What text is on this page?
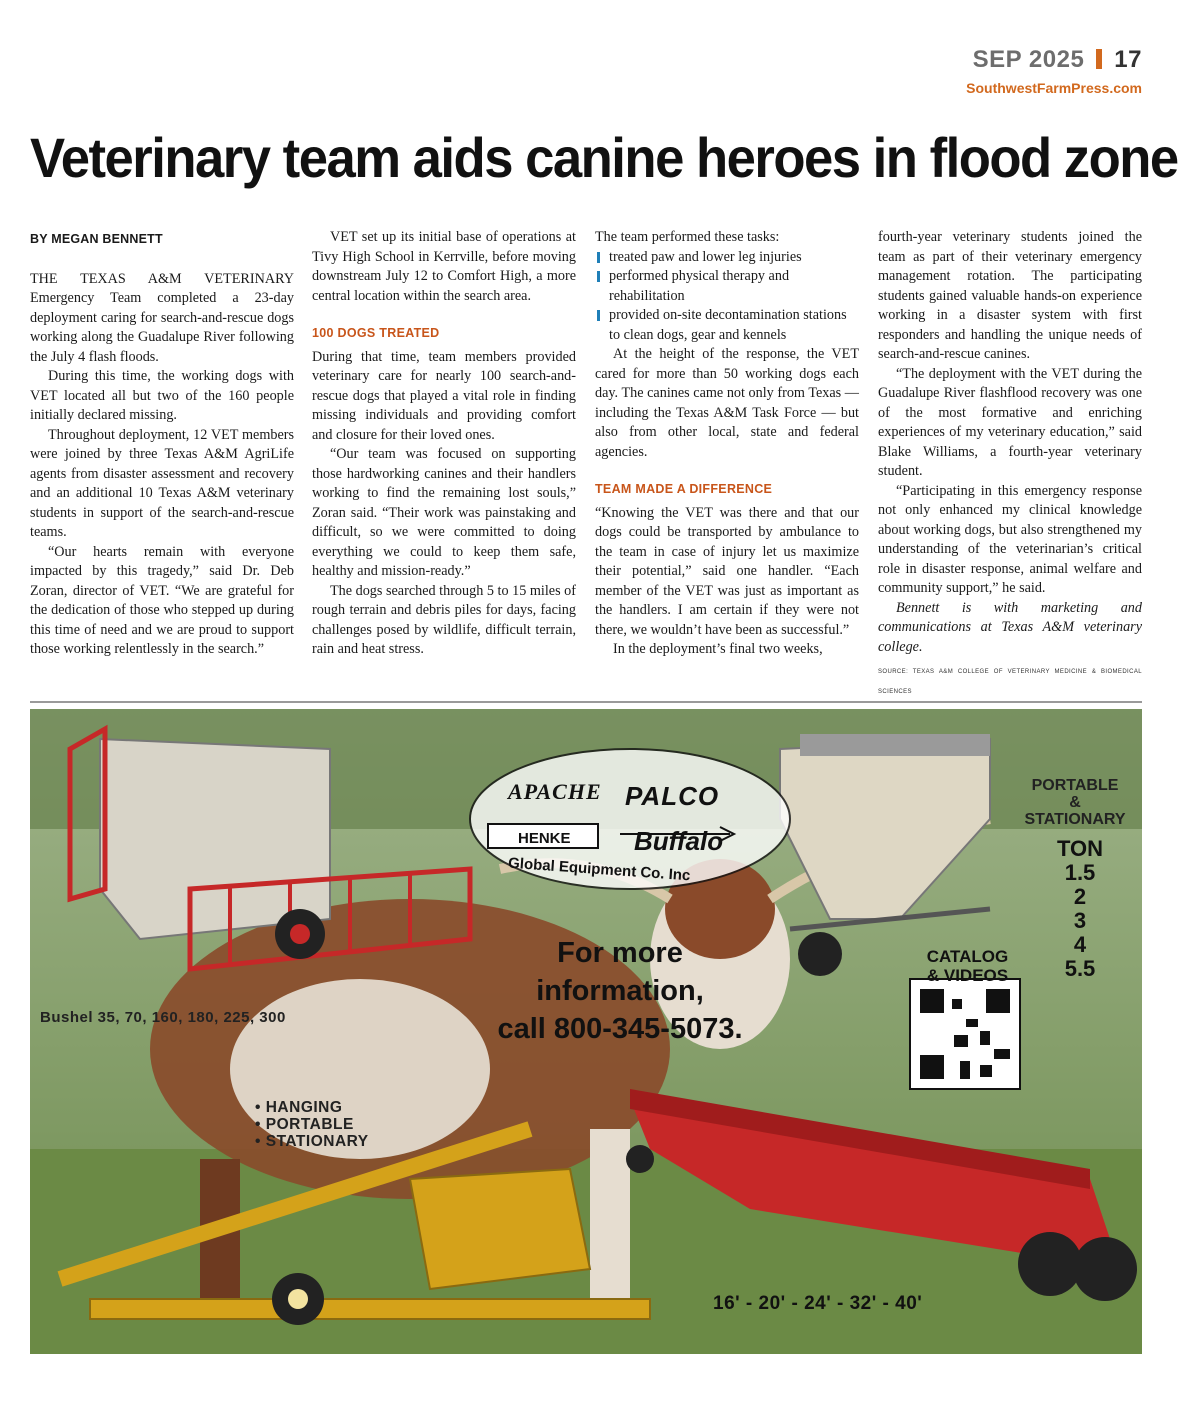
SEP 2025 17
SouthwestFarmPress.com
Veterinary team aids canine heroes in flood zone
BY MEGAN BENNETT

THE TEXAS A&M VETERINARY Emergency Team completed a 23-day deployment caring for search-and-rescue dogs working along the Guadalupe River following the July 4 flash floods.

During this time, the working dogs with VET located all but two of the 160 people initially declared missing.

Throughout deployment, 12 VET members were joined by three Texas A&M AgriLife agents from disaster assessment and recovery and an additional 10 Texas A&M veterinary students in support of the search-and-rescue teams.

“Our hearts remain with everyone impacted by this tragedy,” said Dr. Deb Zoran, director of VET. “We are grateful for the dedication of those who stepped up during this time of need and we are proud to support those working relentlessly in the search.”

VET set up its initial base of operations at Tivy High School in Kerrville, before moving downstream July 12 to Comfort High, a more central location within the search area.

100 DOGS TREATED

During that time, team members provided veterinary care for nearly 100 search-and-rescue dogs that played a vital role in finding missing individuals and providing comfort and closure for their loved ones.

“Our team was focused on supporting those hardworking canines and their handlers working to find the remaining lost souls,” Zoran said. “Their work was painstaking and difficult, so we were committed to doing everything we could to keep them safe, healthy and mission-ready.”

The dogs searched through 5 to 15 miles of rough terrain and debris piles for days, facing challenges posed by wildlife, difficult terrain, rain and heat stress.

The team performed these tasks:

treated paw and lower leg injuries
performed physical therapy and rehabilitation
provided on-site decontamination stations to clean dogs, gear and kennels

At the height of the response, the VET cared for more than 50 working dogs each day. The canines came not only from Texas — including the Texas A&M Task Force — but also from other local, state and federal agencies.

TEAM MADE A DIFFERENCE

“Knowing the VET was there and that our dogs could be transported by ambulance to the team in case of injury let us maximize their potential,” said one handler. “Each member of the VET was just as important as the handlers. I am certain if they were not there, we wouldn’t have been as successful.”

In the deployment’s final two weeks,

fourth-year veterinary students joined the team as part of their veterinary emergency management rotation. The participating students gained valuable hands-on experience working in a disaster system with first responders and handling the unique needs of search-and-rescue canines.

“The deployment with the VET during the Guadalupe River flashflood recovery was one of the most formative and enriching experiences of my veterinary education,” said Blake Williams, a fourth-year veterinary student.

“Participating in this emergency response not only enhanced my clinical knowledge about working dogs, but also strengthened my understanding of the veterinarian’s critical role in disaster response, animal welfare and community support,” he said.

Bennett is with marketing and communications at Texas A&M veterinary college.

SOURCE: TEXAS A&M COLLEGE OF VETERINARY MEDICINE & BIOMEDICAL SCIENCES
APACHE PALCO
HENKE Buffalo
Global Equipment Co. Inc
For more
information,
call 800-345-5073.
Bushel 35, 70, 160, 180, 225, 300
• HANGING
• PORTABLE
• STATIONARY
PORTABLE
&
STATIONARY
TON
1.5
2
3
4
5.5
CATALOG
& VIDEOS
16' - 20' - 24' - 32' - 40'
